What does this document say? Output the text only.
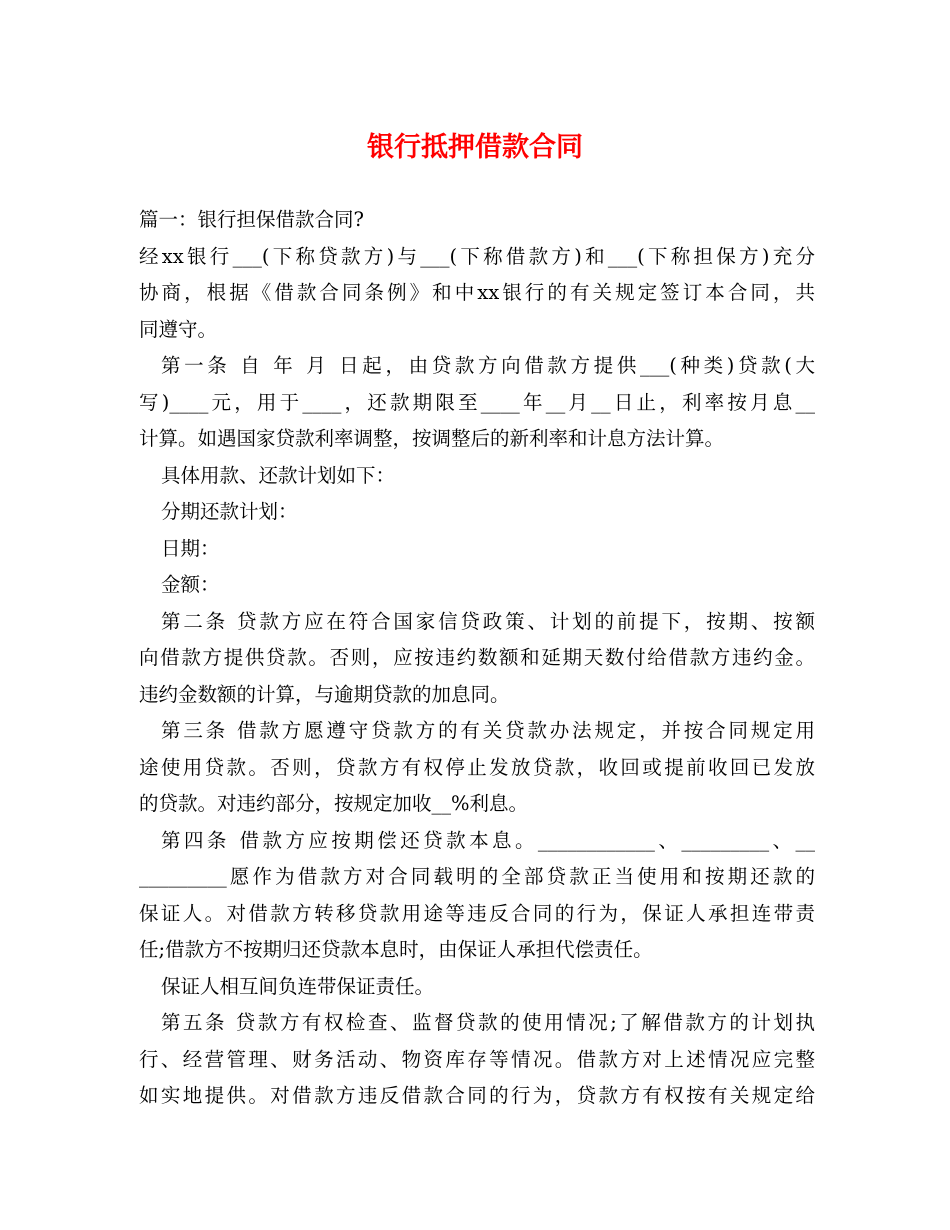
银行抵押借款合同
篇一：银行担保借款合同?
经xx银行___(下称贷款方)与___(下称借款方)和___(下称担保方)充分
协商，根据《借款合同条例》和中xx银行的有关规定签订本合同，共
同遵守。
第一条 自 年 月 日起，由贷款方向借款方提供___(种类)贷款(大
写)____元，用于____，还款期限至____年__月__日止，利率按月息__
计算。如遇国家贷款利率调整，按调整后的新利率和计息方法计算。
具体用款、还款计划如下：
分期还款计划：
日期：
金额：
第二条 贷款方应在符合国家信贷政策、计划的前提下，按期、按额
向借款方提供贷款。否则，应按违约数额和延期天数付给借款方违约金。
违约金数额的计算，与逾期贷款的加息同。
第三条 借款方愿遵守贷款方的有关贷款办法规定，并按合同规定用
途使用贷款。否则，贷款方有权停止发放贷款，收回或提前收回已发放
的贷款。对违约部分，按规定加收__%利息。
第四条 借款方应按期偿还贷款本息。____________、_________、__
_________愿作为借款方对合同载明的全部贷款正当使用和按期还款的
保证人。对借款方转移贷款用途等违反合同的行为，保证人承担连带责
任;借款方不按期归还贷款本息时，由保证人承担代偿责任。
保证人相互间负连带保证责任。
第五条 贷款方有权检查、监督贷款的使用情况;了解借款方的计划执
行、经营管理、财务活动、物资库存等情况。借款方对上述情况应完整
如实地提供。对借款方违反借款合同的行为，贷款方有权按有关规定给
